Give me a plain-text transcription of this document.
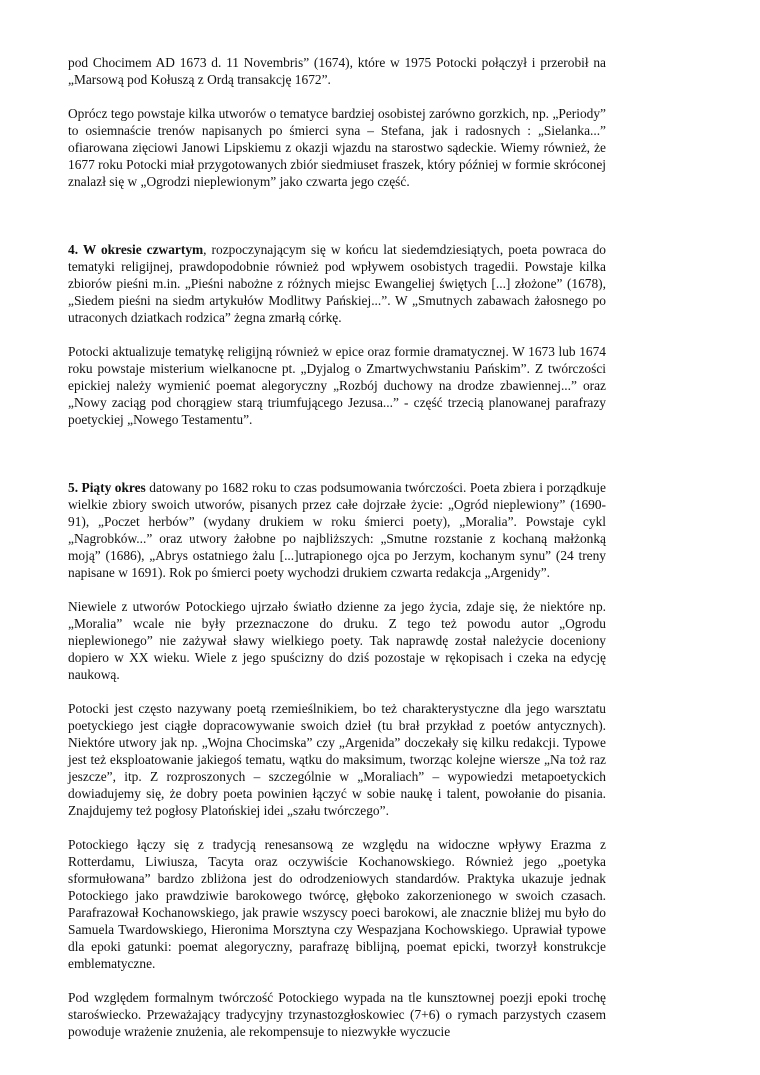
pod Chocimem AD 1673 d. 11 Novembris” (1674), które w 1975 Potocki połączył i przerobił na „Marsową pod Kołuszą z Ordą transakcję 1672”.

Oprócz tego powstaje kilka utworów o tematyce bardziej osobistej zarówno gorzkich, np. „Periody” to osiemnaście trenów napisanych po śmierci syna – Stefana, jak i radosnych : „Sielanka...” ofiarowana zięciowi Janowi Lipskiemu z okazji wjazdu na starostwo sądeckie. Wiemy również, że 1677 roku Potocki miał przygotowanych zbiór siedmiuset fraszek, który później w formie skróconej znalazł się w „Ogrodzi nieplewionym” jako czwarta jego część.

4. W okresie czwartym, rozpoczynającym się w końcu lat siedemdziesiątych, poeta powraca do tematyki religijnej, prawdopodobnie również pod wpływem osobistych tragedii. Powstaje kilka zbiorów pieśni m.in. „Pieśni nabożne z różnych miejsc Ewangeliej świętych [...] złożone” (1678), „Siedem pieśni na siedm artykułów Modlitwy Pańskiej...”. W „Smutnych zabawach żałosnego po utraconych dziatkach rodzica” żegna zmarłą córkę.

Potocki aktualizuje tematykę religijną również w epice oraz formie dramatycznej. W 1673 lub 1674 roku powstaje misterium wielkanocne pt. „Dyjalog o Zmartwychwstaniu Pańskim”. Z twórczości epickiej należy wymienić poemat alegoryczny „Rozbój duchowy na drodze zbawiennej...” oraz „Nowy zaciąg pod chorągiew starą triumfującego Jezusa...” - część trzecią planowanej parafrazy poetyckiej „Nowego Testamentu”.

5. Piąty okres datowany po 1682 roku to czas podsumowania twórczości. Poeta zbiera i porządkuje wielkie zbiory swoich utworów, pisanych przez całe dojrzałe życie: „Ogród nieplewiony” (1690-91), „Poczet herbów” (wydany drukiem w roku śmierci poety), „Moralia”. Powstaje cykl „Nagrobków...” oraz utwory żałobne po najbliższych: „Smutne rozstanie z kochaną małżonką moją” (1686), „Abrys ostatniego żalu [...]utrapionego ojca po Jerzym, kochanym synu” (24 treny napisane w 1691). Rok po śmierci poety wychodzi drukiem czwarta redakcja „Argenidy”.

Niewiele z utworów Potockiego ujrzało światło dzienne za jego życia, zdaje się, że niektóre np. „Moralia” wcale nie były przeznaczone do druku. Z tego też powodu autor „Ogrodu nieplewionego” nie zażywał sławy wielkiego poety. Tak naprawdę został należycie doceniony dopiero w XX wieku. Wiele z jego spuścizny do dziś pozostaje w rękopisach i czeka na edycję naukową.

Potocki jest często nazywany poetą rzemieślnikiem, bo też charakterystyczne dla jego warsztatu poetyckiego jest ciągłe dopracowywanie swoich dzieł (tu brał przykład z poetów antycznych). Niektóre utwory jak np. „Wojna Chocimska” czy „Argenida” doczekały się kilku redakcji. Typowe jest też eksploatowanie jakiegoś tematu, wątku do maksimum, tworząc kolejne wiersze „Na toż raz jeszcze”, itp. Z rozproszonych – szczególnie w „Moraliach” – wypowiedzi metapoetyckich dowiadujemy się, że dobry poeta powinien łączyć w sobie naukę i talent, powołanie do pisania. Znajdujemy też pogłosy Platońskiej idei „szału twórczego”.

Potockiego łączy się z tradycją renesansową ze względu na widoczne wpływy Erazma z Rotterdamu, Liwiusza, Tacyta oraz oczywiście Kochanowskiego. Również jego „poetyka sformułowana” bardzo zbliżona jest do odrodzeniowych standardów. Praktyka ukazuje jednak Potockiego jako prawdziwie barokowego twórcę, głęboko zakorzenionego w swoich czasach. Parafrazował Kochanowskiego, jak prawie wszyscy poeci barokowi, ale znacznie bliżej mu było do Samuela Twardowskiego, Hieronima Morsztyna czy Wespazjana Kochowskiego. Uprawiał typowe dla epoki gatunki: poemat alegoryczny, parafrazę biblijną, poemat epicki, tworzył konstrukcje emblematyczne.

Pod względem formalnym twórczość Potockiego wypada na tle kunsztownej poezji epoki trochę staroświecko. Przeważający tradycyjny trzynastozgłoskowiec (7+6) o rymach parzystych czasem powoduje wrażenie znużenia, ale rekompensuje to niezwykłe wyczucie
